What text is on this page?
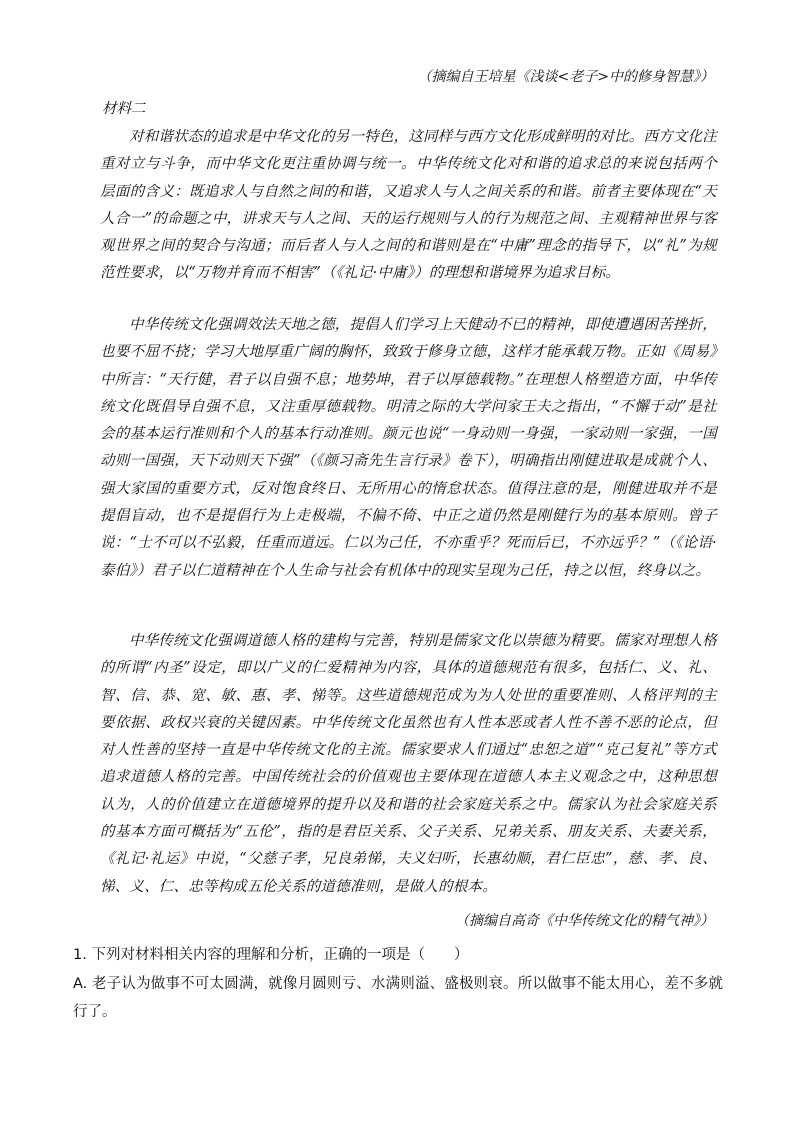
（摘编自王培星《浅谈<老子>中的修身智慧》）
材料二

对和谐状态的追求是中华文化的另一特色，这同样与西方文化形成鲜明的对比。西方文化注重对立与斗争，而中华文化更注重协调与统一。中华传统文化对和谐的追求总的来说包括两个层面的含义：既追求人与自然之间的和谐，又追求人与人之间关系的和谐。前者主要体现在“天人合一”的命题之中，讲求天与人之间、天的运行规则与人的行为规范之间、主观精神世界与客观世界之间的契合与沟通；而后者人与人之间的和谐则是在“中庸”理念的指导下，以“礼”为规范性要求，以“万物并育而不相害”（《礼记·中庸》）的理想和谐境界为追求目标。

中华传统文化强调效法天地之德，提倡人们学习上天健动不已的精神，即使遭遇困苦挫折，也要不屈不挠；学习大地厚重广阔的胸怀，致致于修身立德，这样才能承载万物。正如《周易》中所言：“天行健，君子以自强不息；地势坤，君子以厚德载物。”在理想人格塑造方面，中华传统文化既倡导自强不息，又注重厚德载物。明清之际的大学问家王夫之指出，“不懈于动”是社会的基本运行准则和个人的基本行动准则。颜元也说“一身动则一身强，一家动则一家强，一国动则一国强，天下动则天下强”（《颜习斋先生言行录》卷下），明确指出刚健进取是成就个人、强大家国的重要方式，反对饱食终日、无所用心的惰怠状态。值得注意的是，刚健进取并不是提倡盲动，也不是提倡行为上走极端，不偏不倚、中正之道仍然是刚健行为的基本原则。曾子说：“士不可以不弘毅，任重而道远。仁以为己任，不亦重乎？死而后已，不亦远乎？”（《论语·泰伯》）君子以仁道精神在个人生命与社会有机体中的现实呈现为己任，持之以恒，终身以之。

中华传统文化强调道德人格的建构与完善，特别是儒家文化以崇德为精要。儒家对理想人格的所谓“内圣”设定，即以广义的仁爱精神为内容，具体的道德规范有很多，包括仁、义、礼、智、信、恭、宽、敏、惠、孝、悌等。这些道德规范成为为人处世的重要准则、人格评判的主要依据、政权兴衰的关键因素。中华传统文化虽然也有人性本恶或者人性不善不恶的论点，但对人性善的坚持一直是中华传统文化的主流。儒家要求人们通过“忠恕之道”“克己复礼”等方式追求道德人格的完善。中国传统社会的价值观也主要体现在道德人本主义观念之中，这种思想认为，人的价值建立在道德境界的提升以及和谐的社会家庭关系之中。儒家认为社会家庭关系的基本方面可概括为“五伦”，指的是君臣关系、父子关系、兄弟关系、朋友关系、夫妻关系，《礼记·礼运》中说，“父慈子孝，兄良弟悌，夫义妇听，长惠幼顺，君仁臣忠”，慈、孝、良、悌、义、仁、忠等构成五伦关系的道德准则，是做人的根本。

（摘编自高奇《中华传统文化的精气神》）
1. 下列对材料相关内容的理解和分析，正确的一项是（　　）
A. 老子认为做事不可太圆满，就像月圆则亏、水满则溢、盛极则衰。所以做事不能太用心，差不多就行了。
